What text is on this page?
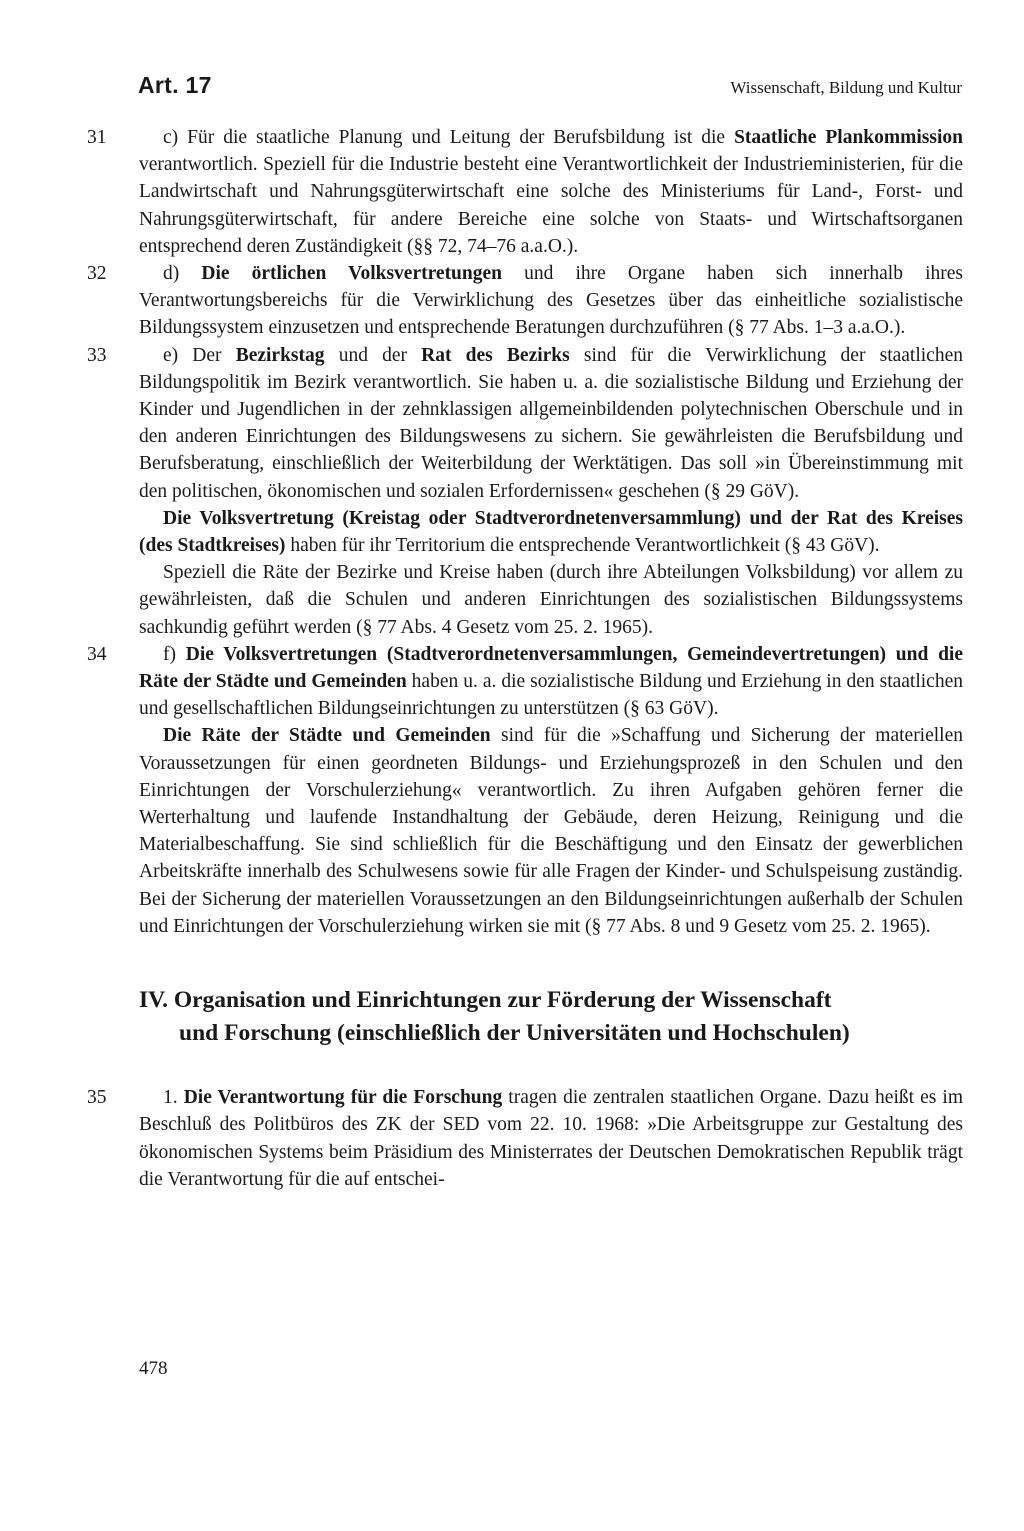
Art. 17	Wissenschaft, Bildung und Kultur

31	c) Für die staatliche Planung und Leitung der Berufsbildung ist die Staatliche Plankommission verantwortlich. Speziell für die Industrie besteht eine Verantwortlichkeit der Industrieministerien, für die Landwirtschaft und Nahrungsgüterwirtschaft eine solche des Ministeriums für Land-, Forst- und Nahrungsgüterwirtschaft, für andere Bereiche eine solche von Staats- und Wirtschaftsorganen entsprechend deren Zuständigkeit (§§ 72, 74–76 a.a.O.).

32	d) Die örtlichen Volksvertretungen und ihre Organe haben sich innerhalb ihres Verantwortungsbereichs für die Verwirklichung des Gesetzes über das einheitliche sozialistische Bildungssystem einzusetzen und entsprechende Beratungen durchzuführen (§ 77 Abs. 1–3 a.a.O.).

33	e) Der Bezirkstag und der Rat des Bezirks sind für die Verwirklichung der staatlichen Bildungspolitik im Bezirk verantwortlich. Sie haben u. a. die sozialistische Bildung und Erziehung der Kinder und Jugendlichen in der zehnklassigen allgemeinbildenden polytechnischen Oberschule und in den anderen Einrichtungen des Bildungswesens zu sichern. Sie gewährleisten die Berufsbildung und Berufsberatung, einschließlich der Weiterbildung der Werktätigen. Das soll »in Übereinstimmung mit den politischen, ökonomischen und sozialen Erfordernissen« geschehen (§ 29 GöV).

Die Volksvertretung (Kreistag oder Stadtverordnetenversammlung) und der Rat des Kreises (des Stadtkreises) haben für ihr Territorium die entsprechende Verantwortlichkeit (§ 43 GöV).

Speziell die Räte der Bezirke und Kreise haben (durch ihre Abteilungen Volksbildung) vor allem zu gewährleisten, daß die Schulen und anderen Einrichtungen des sozialistischen Bildungssystems sachkundig geführt werden (§ 77 Abs. 4 Gesetz vom 25. 2. 1965).

34	f) Die Volksvertretungen (Stadtverordnetenversammlungen, Gemeindevertretungen) und die Räte der Städte und Gemeinden haben u. a. die sozialistische Bildung und Erziehung in den staatlichen und gesellschaftlichen Bildungseinrichtungen zu unterstützen (§ 63 GöV).

Die Räte der Städte und Gemeinden sind für die »Schaffung und Sicherung der materiellen Voraussetzungen für einen geordneten Bildungs- und Erziehungsprozeß in den Schulen und den Einrichtungen der Vorschulerziehung« verantwortlich. Zu ihren Aufgaben gehören ferner die Werterhaltung und laufende Instandhaltung der Gebäude, deren Heizung, Reinigung und die Materialbeschaffung. Sie sind schließlich für die Beschäftigung und den Einsatz der gewerblichen Arbeitskräfte innerhalb des Schulwesens sowie für alle Fragen der Kinder- und Schulspeisung zuständig. Bei der Sicherung der materiellen Voraussetzungen an den Bildungseinrichtungen außerhalb der Schulen und Einrichtungen der Vorschulerziehung wirken sie mit (§ 77 Abs. 8 und 9 Gesetz vom 25. 2. 1965).

IV. Organisation und Einrichtungen zur Förderung der Wissenschaft
und Forschung (einschließlich der Universitäten und Hochschulen)

35	1. Die Verantwortung für die Forschung tragen die zentralen staatlichen Organe. Dazu heißt es im Beschluß des Politbüros des ZK der SED vom 22. 10. 1968: »Die Arbeitsgruppe zur Gestaltung des ökonomischen Systems beim Präsidium des Ministerrates der Deutschen Demokratischen Republik trägt die Verantwortung für die auf entschei-

478
